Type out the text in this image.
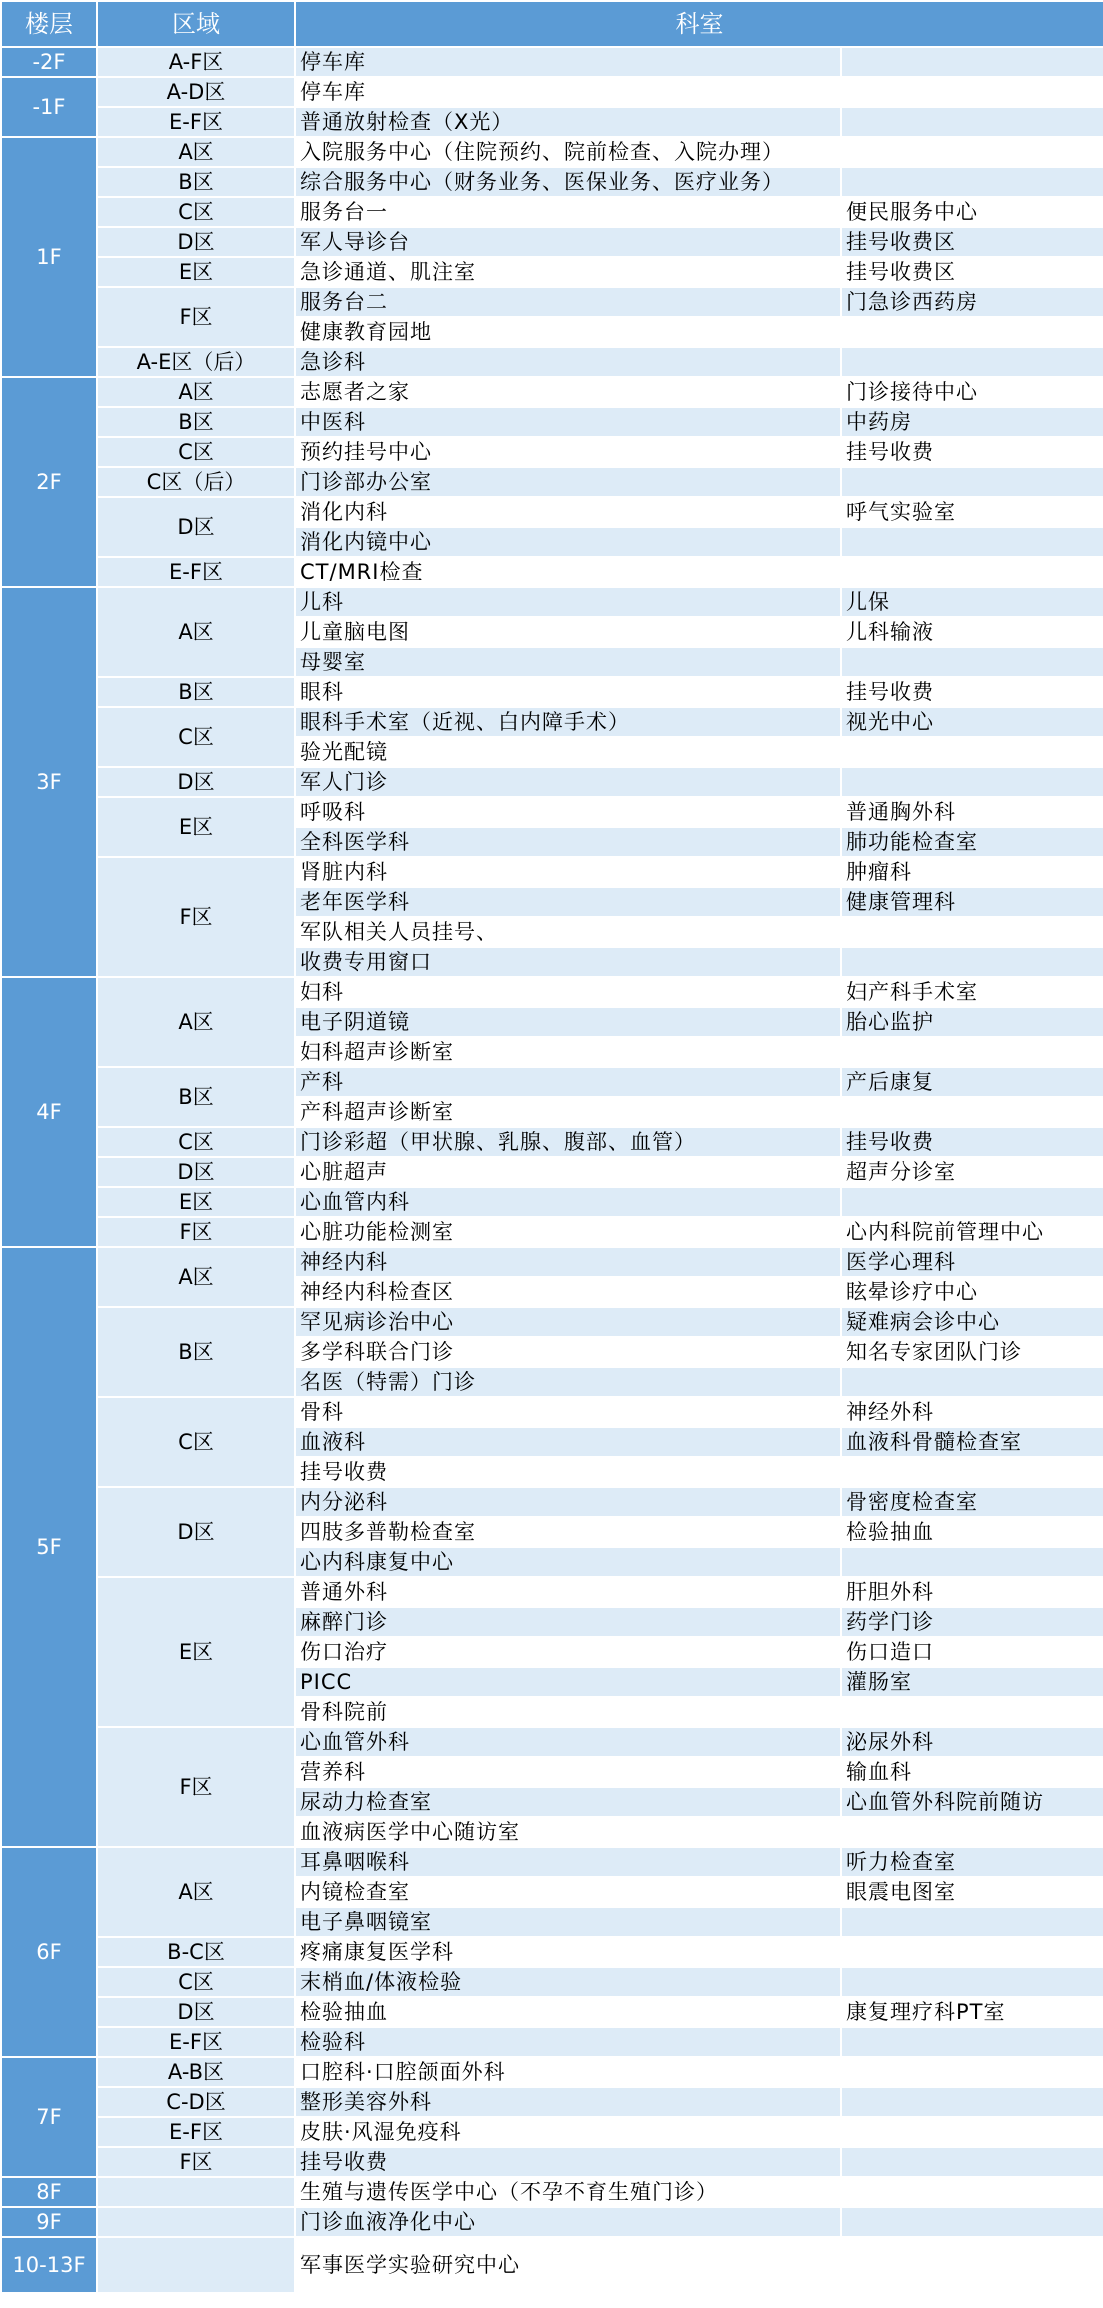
楼层	区域	科室	
-2F	A-F区	停车库	
-1F	A-D区	停车库	
	E-F区	普通放射检查（X光）	
1F	A区	入院服务中心（住院预约、院前检查、入院办理）	
	B区	综合服务中心（财务业务、医保业务、医疗业务）	
	C区	服务台一	便民服务中心
	D区	军人导诊台	挂号收费区
	E区	急诊通道、肌注室	挂号收费区
	F区	服务台二	门急诊西药房
		健康教育园地	
	A-E区（后）	急诊科	
2F	A区	志愿者之家	门诊接待中心
	B区	中医科	中药房
	C区	预约挂号中心	挂号收费
	C区（后）	门诊部办公室	
	D区	消化内科	呼气实验室
		消化内镜中心	
	E-F区	CT/MRI检查	
3F	A区	儿科	儿保
		儿童脑电图	儿科输液
		母婴室	
	B区	眼科	挂号收费
	C区	眼科手术室（近视、白内障手术）	视光中心
		验光配镜	
	D区	军人门诊	
	E区	呼吸科	普通胸外科
		全科医学科	肺功能检查室
	F区	肾脏内科	肿瘤科
		老年医学科	健康管理科
		军队相关人员挂号、	
		收费专用窗口	
4F	A区	妇科	妇产科手术室
		电子阴道镜	胎心监护
		妇科超声诊断室	
	B区	产科	产后康复
		产科超声诊断室	
	C区	门诊彩超（甲状腺、乳腺、腹部、血管）	挂号收费
	D区	心脏超声	超声分诊室
	E区	心血管内科	
	F区	心脏功能检测室	心内科院前管理中心
5F	A区	神经内科	医学心理科
		神经内科检查区	眩晕诊疗中心
	B区	罕见病诊治中心	疑难病会诊中心
		多学科联合门诊	知名专家团队门诊
		名医（特需）门诊	
	C区	骨科	神经外科
		血液科	血液科骨髓检查室
		挂号收费	
	D区	内分泌科	骨密度检查室
		四肢多普勒检查室	检验抽血
		心内科康复中心	
	E区	普通外科	肝胆外科
		麻醉门诊	药学门诊
		伤口治疗	伤口造口
		PICC	灌肠室
		骨科院前	
	F区	心血管外科	泌尿外科
		营养科	输血科
		尿动力检查室	心血管外科院前随访
		血液病医学中心随访室	
6F	A区	耳鼻咽喉科	听力检查室
		内镜检查室	眼震电图室
		电子鼻咽镜室	
	B-C区	疼痛康复医学科	
	C区	末梢血/体液检验	
	D区	检验抽血	康复理疗科PT室
	E-F区	检验科	
7F	A-B区	口腔科·口腔颌面外科	
	C-D区	整形美容外科	
	E-F区	皮肤·风湿免疫科	
	F区	挂号收费	
8F		生殖与遗传医学中心（不孕不育生殖门诊）	
9F		门诊血液净化中心	
10-13F		军事医学实验研究中心	
